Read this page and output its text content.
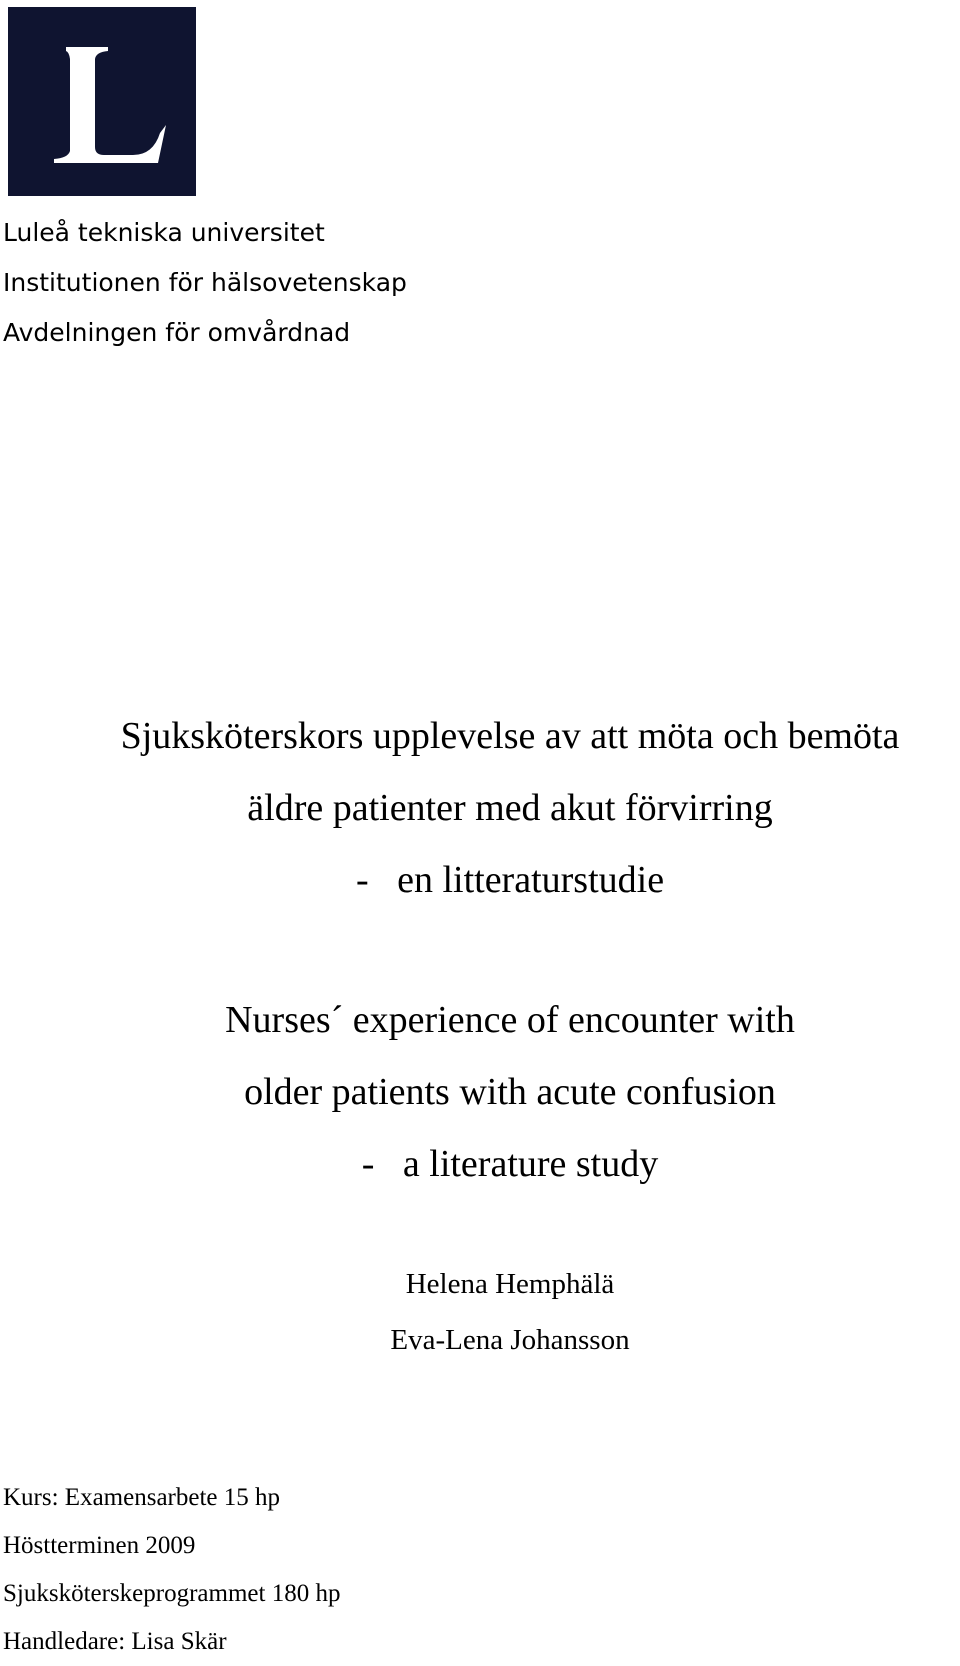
Luleå tekniska universitet
Institutionen för hälsovetenskap
Avdelningen för omvårdnad
Sjuksköterskors upplevelse av att möta och bemöta
äldre patienter med akut förvirring
-   en litteraturstudie
Nurses´ experience of encounter with
older patients with acute confusion
-   a literature study
Helena Hemphälä
Eva-Lena Johansson
Kurs: Examensarbete 15 hp
Höstterminen 2009
Sjuksköterskeprogrammet 180 hp
Handledare: Lisa Skär
